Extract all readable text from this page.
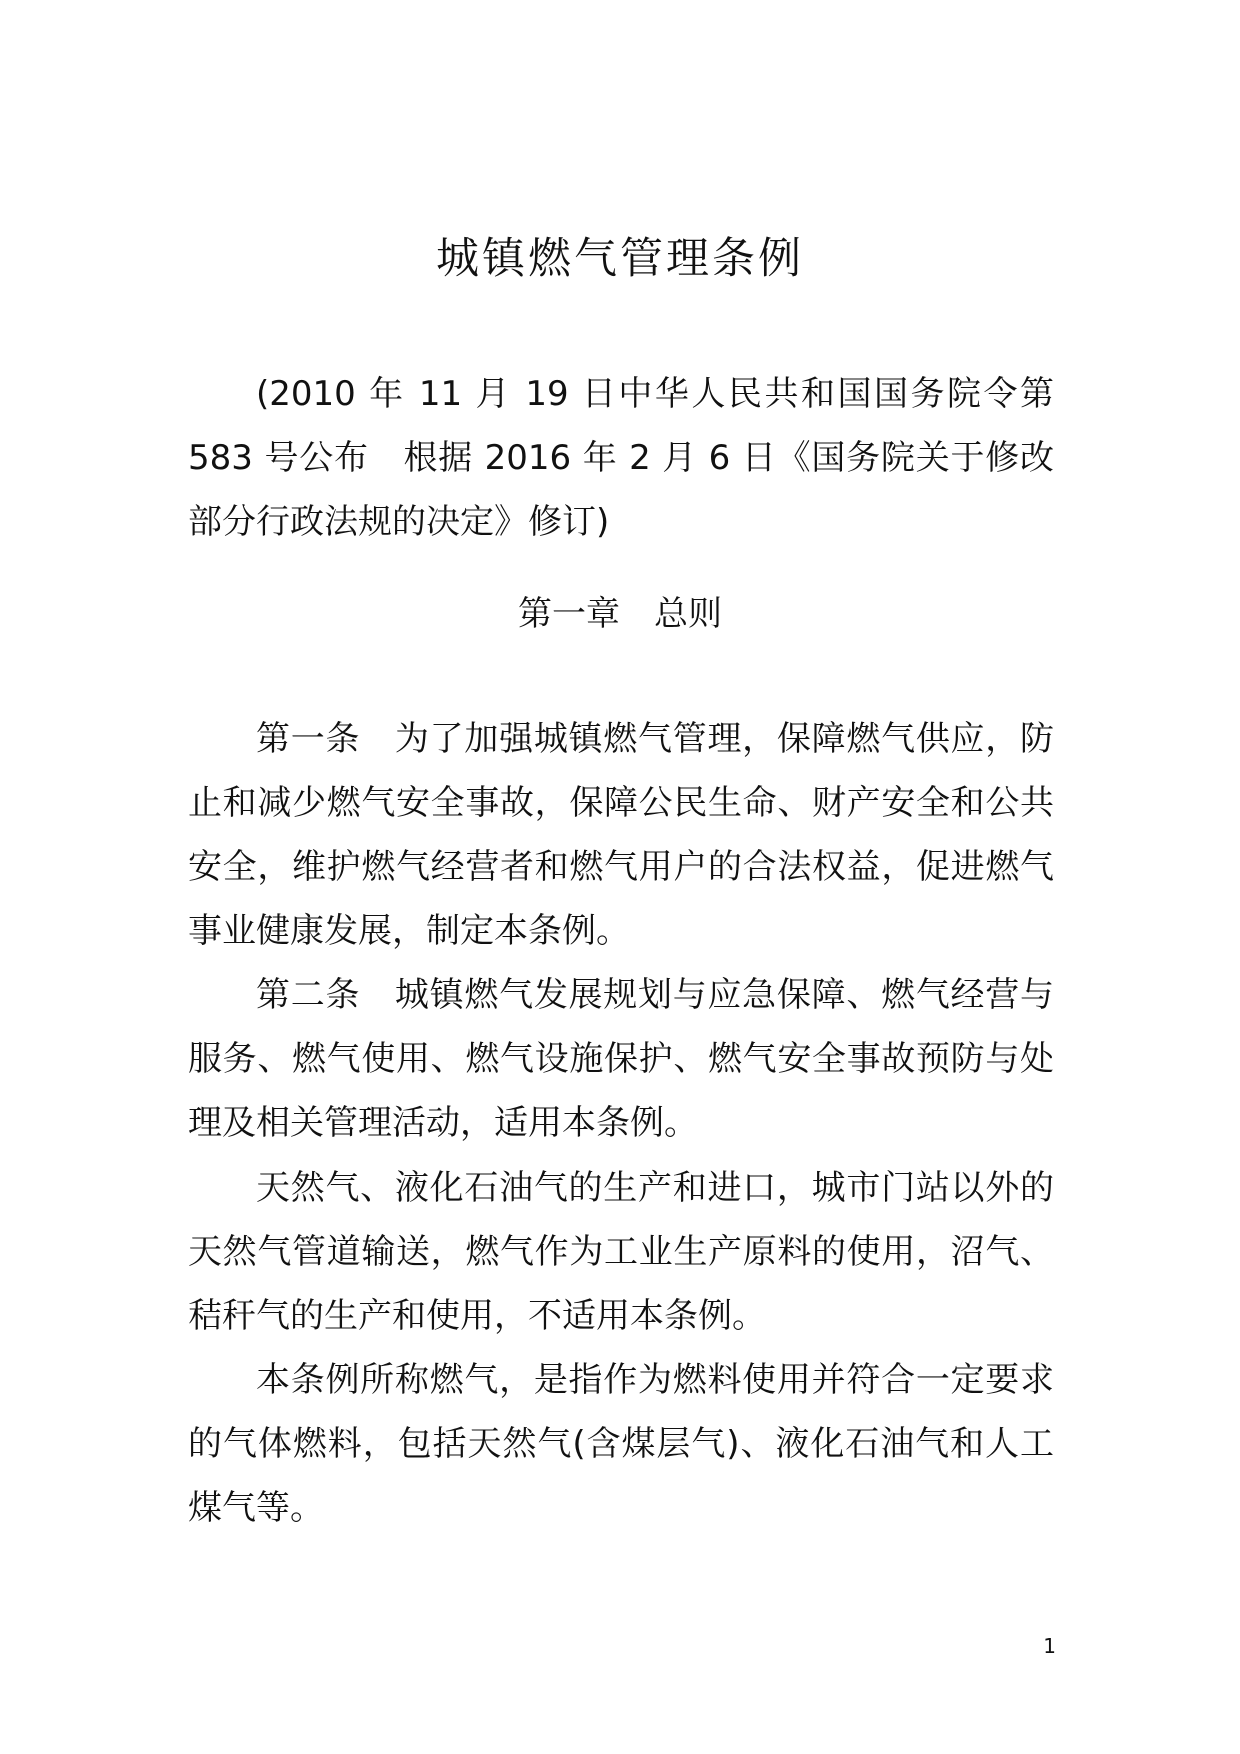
城镇燃气管理条例
(2010 年 11 月 19 日中华人民共和国国务院令第 583 号公布　根据 2016 年 2 月 6 日《国务院关于修改部分行政法规的决定》修订)
第一章　总则
第一条　为了加强城镇燃气管理，保障燃气供应，防止和减少燃气安全事故，保障公民生命、财产安全和公共安全，维护燃气经营者和燃气用户的合法权益，促进燃气事业健康发展，制定本条例。
第二条　城镇燃气发展规划与应急保障、燃气经营与服务、燃气使用、燃气设施保护、燃气安全事故预防与处理及相关管理活动，适用本条例。
天然气、液化石油气的生产和进口，城市门站以外的天然气管道输送，燃气作为工业生产原料的使用，沼气、秸秆气的生产和使用，不适用本条例。
本条例所称燃气，是指作为燃料使用并符合一定要求的气体燃料，包括天然气(含煤层气)、液化石油气和人工煤气等。
1
